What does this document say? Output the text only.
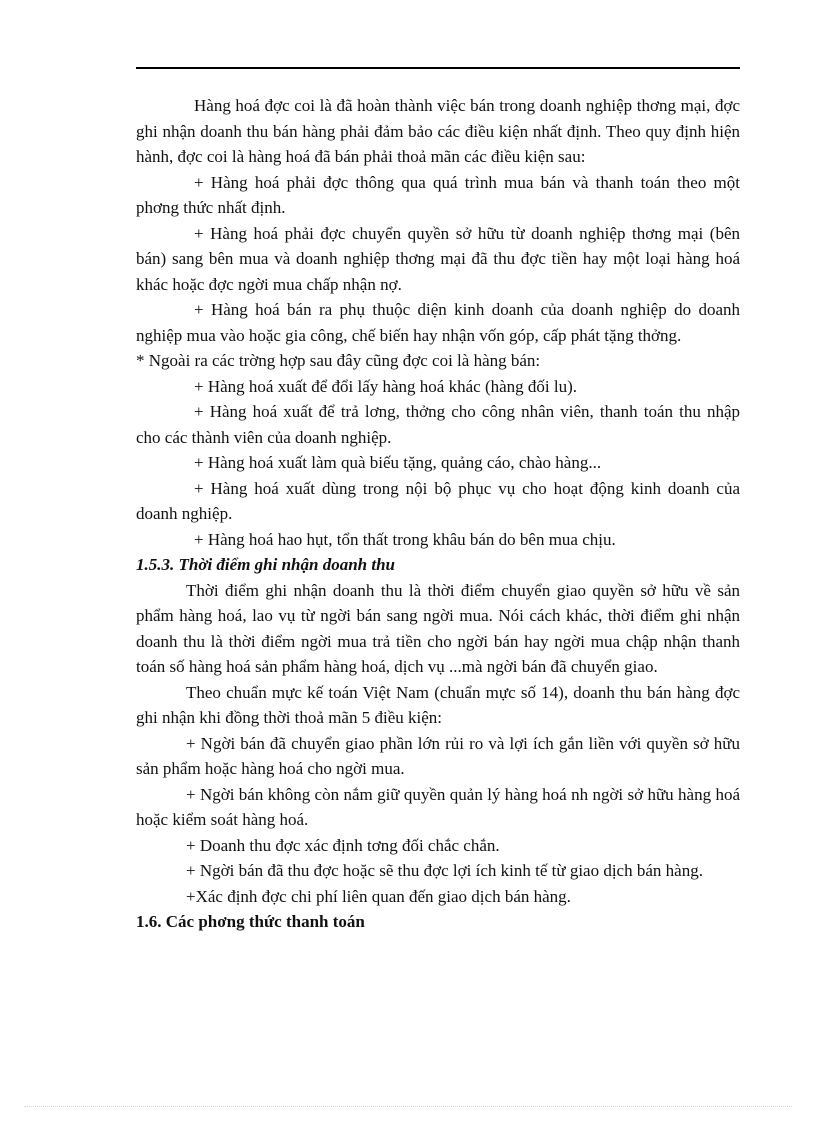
Hàng hoá đợc coi là đã hoàn thành việc bán trong doanh nghiệp thơng mại, đợc ghi nhận doanh thu bán hàng phải đảm bảo các điều kiện nhất định. Theo quy định hiện hành, đợc coi là hàng hoá đã bán phải thoả mãn các điều kiện sau:

+ Hàng hoá phải đợc thông qua quá trình mua bán và thanh toán theo một phơng thức nhất định.

+ Hàng hoá phải đợc chuyển quyền sở hữu từ doanh nghiệp thơng mại (bên bán) sang bên mua và doanh nghiệp thơng mại đã thu đợc tiền hay một loại hàng hoá khác hoặc đợc ngời mua chấp nhận nợ.

+ Hàng hoá bán ra phụ thuộc diện kinh doanh của doanh nghiệp do doanh nghiệp mua vào hoặc gia công, chế biến hay nhận vốn góp, cấp phát tặng thởng.

* Ngoài ra các trờng hợp sau đây cũng đợc coi là hàng bán:

+ Hàng hoá xuất để đổi lấy hàng hoá khác (hàng đối lu).

+ Hàng hoá xuất để trả lơng, thởng cho công nhân viên, thanh toán thu nhập cho các thành viên của doanh nghiệp.

+ Hàng hoá xuất làm quà biếu tặng, quảng cáo, chào hàng...

+ Hàng hoá xuất dùng trong nội bộ phục vụ cho hoạt động kinh doanh của doanh nghiệp.

+ Hàng hoá hao hụt, tổn thất trong khâu bán do bên mua chịu.

1.5.3. Thời điểm ghi nhận doanh thu

Thời điểm ghi nhận doanh thu là thời điểm chuyển giao quyền sở hữu về sản phẩm hàng hoá, lao vụ từ ngời bán sang ngời mua. Nói cách khác, thời điểm ghi nhận doanh thu là thời điểm ngời mua trả tiền cho ngời bán hay ngời mua chập nhận thanh toán số hàng hoá sản phẩm hàng hoá, dịch vụ ...mà ngời bán đã chuyển giao.

Theo chuẩn mực kế toán Việt Nam (chuẩn mực số 14), doanh thu bán hàng đợc ghi nhận khi đồng thời thoả mãn 5 điều kiện:

+ Ngời bán đã chuyển giao phần lớn rủi ro và lợi ích gắn liền với quyền sở hữu sản phẩm hoặc hàng hoá cho ngời mua.

+ Ngời bán không còn nắm giữ quyền quản lý hàng hoá nh ngời sở hữu hàng hoá hoặc kiểm soát hàng hoá.

+ Doanh thu đợc xác định tơng đối chắc chắn.

+ Ngời bán đã thu đợc hoặc sẽ thu đợc lợi ích kinh tế từ giao dịch bán hàng.

+Xác định đợc chi phí liên quan đến giao dịch bán hàng.

1.6. Các phơng thức thanh toán
